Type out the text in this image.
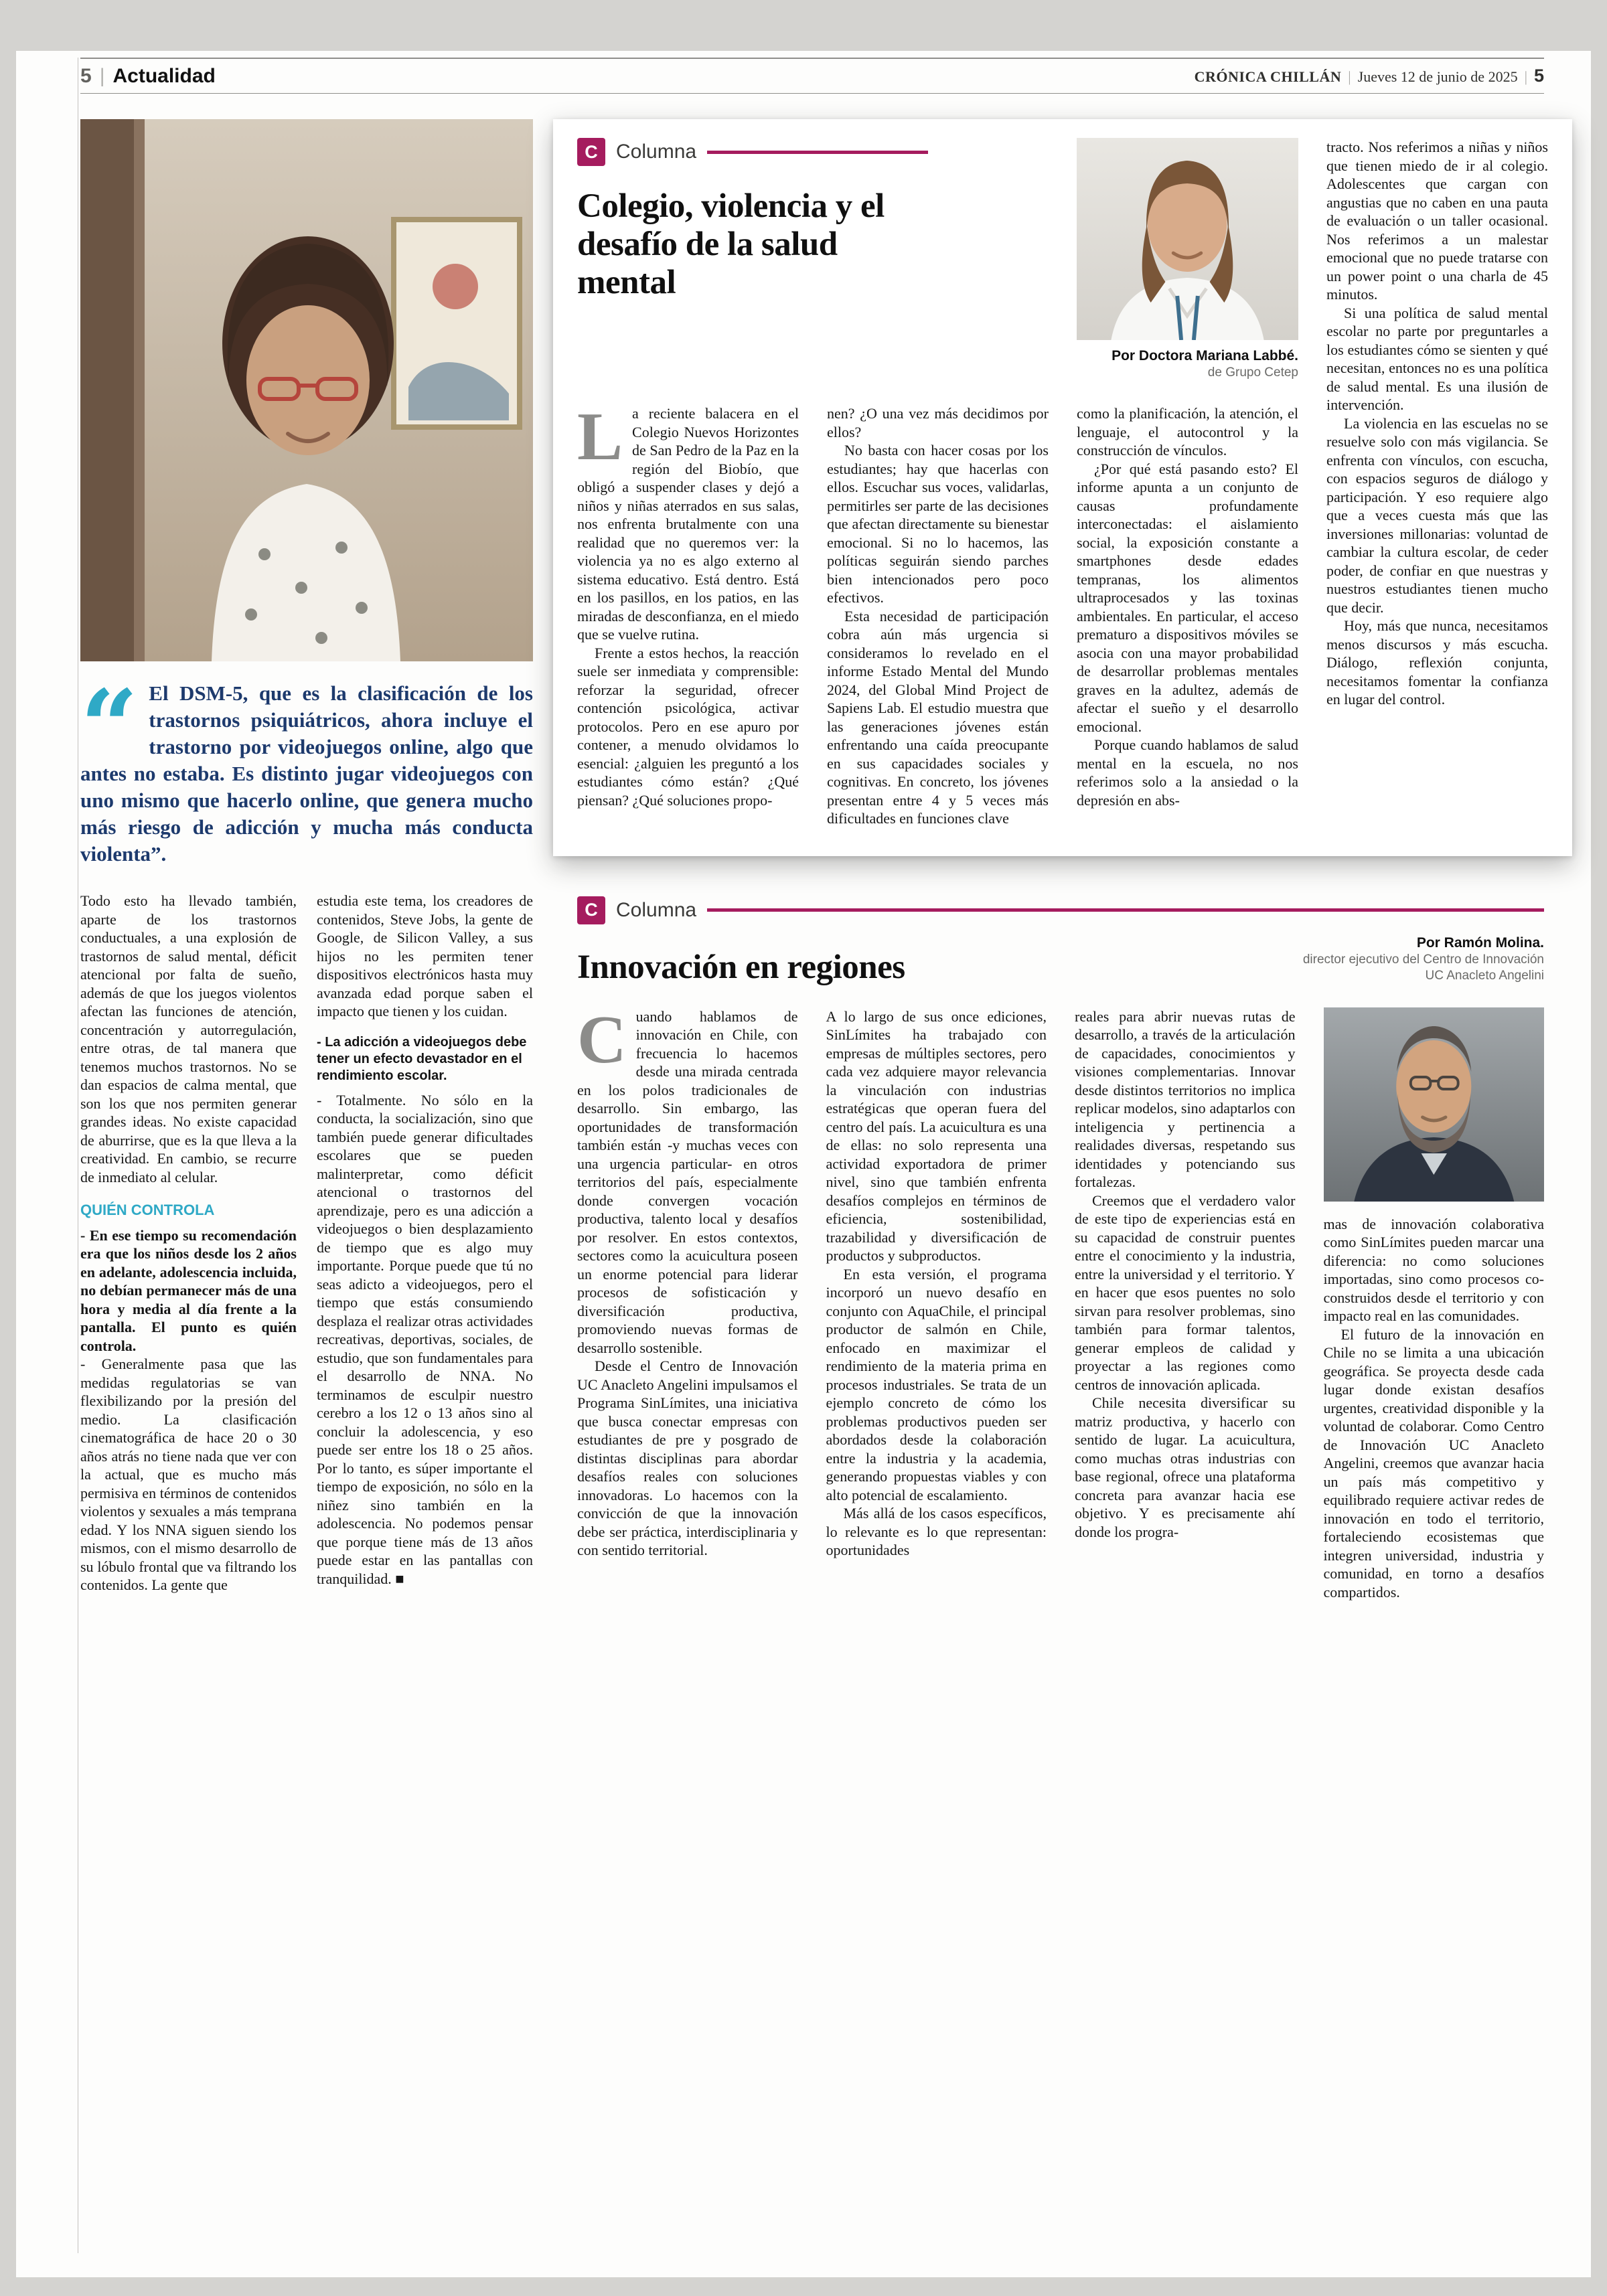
5 | Actualidad	CRÓNICA CHILLÁN | Jueves 12 de junio de 2025 | 5
“ El DSM-5, que es la clasificación de los trastornos psiquiátricos, ahora incluye el trastorno por videojuegos online, algo que antes no estaba. Es distinto jugar videojuegos con uno mismo que hacerlo online, que genera mucho más riesgo de adicción y mucha más conducta violenta”.

Todo esto ha llevado también, aparte de los trastornos conductuales, a una explosión de trastornos de salud mental, déficit atencional por falta de sueño, además de que los juegos violentos afectan las funciones de atención, concentración y autorregulación, entre otras, de tal manera que tenemos muchos trastornos. No se dan espacios de calma mental, que son los que nos permiten generar grandes ideas. No existe capacidad de aburrirse, que es la que lleva a la creatividad. En cambio, se recurre de inmediato al celular.

QUIÉN CONTROLA

- En ese tiempo su recomendación era que los niños desde los 2 años en adelante, adolescencia incluida, no debían permanecer más de una hora y media al día frente a la pantalla. El punto es quién controla.

- Generalmente pasa que las medidas regulatorias se van flexibilizando por la presión del medio. La clasificación cinematográfica de hace 20 o 30 años atrás no tiene nada que ver con la actual, que es mucho más permisiva en términos de contenidos violentos y sexuales a más temprana edad. Y los NNA siguen siendo los mismos, con el mismo desarrollo de su lóbulo frontal que va filtrando los contenidos. La gente que

estudia este tema, los creadores de contenidos, Steve Jobs, la gente de Google, de Silicon Valley, a sus hijos no les permiten tener dispositivos electrónicos hasta muy avanzada edad porque saben el impacto que tienen y los cuidan.

- La adicción a videojuegos debe tener un efecto devastador en el rendimiento escolar.

- Totalmente. No sólo en la conducta, la socialización, sino que también puede generar dificultades escolares que se pueden malinterpretar, como déficit atencional o trastornos del aprendizaje, pero es una adicción a videojuegos o bien desplazamiento de tiempo que es algo muy importante. Porque puede que tú no seas adicto a videojuegos, pero el tiempo que estás consumiendo desplaza el realizar otras actividades recreativas, deportivas, sociales, de estudio, que son fundamentales para el desarrollo de NNA. No terminamos de esculpir nuestro cerebro a los 12 o 13 años sino al concluir la adolescencia, y eso puede ser entre los 18 o 25 años. Por lo tanto, es súper importante el tiempo de exposición, no sólo en la niñez sino también en la adolescencia. No podemos pensar que porque tiene más de 13 años puede estar en las pantallas con tranquilidad. ■

C Columna
Colegio, violencia y el desafío de la salud mental
Por Doctora Mariana Labbé.
de Grupo Cetep

tracto. Nos referimos a niñas y niños que tienen miedo de ir al colegio. Adolescentes que cargan con angustias que no caben en una pauta de evaluación o un taller ocasional. Nos referimos a un malestar emocional que no puede tratarse con un power point o una charla de 45 minutos.

Si una política de salud mental escolar no parte por preguntarles a los estudiantes cómo se sienten y qué necesitan, entonces no es una política de salud mental. Es una ilusión de intervención.

La violencia en las escuelas no se resuelve solo con más vigilancia. Se enfrenta con vínculos, con escucha, con espacios seguros de diálogo y participación. Y eso requiere algo que a veces cuesta más que las inversiones millonarias: voluntad de cambiar la cultura escolar, de ceder poder, de confiar en que nuestras y nuestros estudiantes tienen mucho que decir.

Hoy, más que nunca, necesitamos menos discursos y más escucha. Diálogo, reflexión conjunta, necesitamos fomentar la confianza en lugar del control.

La reciente balacera en el Colegio Nuevos Horizontes de San Pedro de la Paz en la región del Biobío, que obligó a suspender clases y dejó a niños y niñas aterrados en sus salas, nos enfrenta brutalmente con una realidad que no queremos ver: la violencia ya no es algo externo al sistema educativo. Está dentro. Está en los pasillos, en los patios, en las miradas de desconfianza, en el miedo que se vuelve rutina.

Frente a estos hechos, la reacción suele ser inmediata y comprensible: reforzar la seguridad, ofrecer contención psicológica, activar protocolos. Pero en ese apuro por contener, a menudo olvidamos lo esencial: ¿alguien les preguntó a los estudiantes cómo están? ¿Qué piensan? ¿Qué soluciones propo-

nen? ¿O una vez más decidimos por ellos?

No basta con hacer cosas por los estudiantes; hay que hacerlas con ellos. Escuchar sus voces, validarlas, permitirles ser parte de las decisiones que afectan directamente su bienestar emocional. Si no lo hacemos, las políticas seguirán siendo parches bien intencionados pero poco efectivos.

Esta necesidad de participación cobra aún más urgencia si consideramos lo revelado en el informe Estado Mental del Mundo 2024, del Global Mind Project de Sapiens Lab. El estudio muestra que las generaciones jóvenes están enfrentando una caída preocupante en sus capacidades sociales y cognitivas. En concreto, los jóvenes presentan entre 4 y 5 veces más dificultades en funciones clave

como la planificación, la atención, el lenguaje, el autocontrol y la construcción de vínculos.

¿Por qué está pasando esto? El informe apunta a un conjunto de causas profundamente interconectadas: el aislamiento social, la exposición constante a smartphones desde edades tempranas, los alimentos ultraprocesados y las toxinas ambientales. En particular, el acceso prematuro a dispositivos móviles se asocia con una mayor probabilidad de desarrollar problemas mentales graves en la adultez, además de afectar el sueño y el desarrollo emocional.

Porque cuando hablamos de salud mental en la escuela, no nos referimos solo a la ansiedad o la depresión en abs-

C Columna
Innovación en regiones
Por Ramón Molina.
director ejecutivo del Centro de Innovación
UC Anacleto Angelini

Cuando hablamos de innovación en Chile, con frecuencia lo hacemos desde una mirada centrada en los polos tradicionales de desarrollo. Sin embargo, las oportunidades de transformación también están -y muchas veces con una urgencia particular- en otros territorios del país, especialmente donde convergen vocación productiva, talento local y desafíos por resolver. En estos contextos, sectores como la acuicultura poseen un enorme potencial para liderar procesos de sofisticación y diversificación productiva, promoviendo nuevas formas de desarrollo sostenible.

Desde el Centro de Innovación UC Anacleto Angelini impulsamos el Programa SinLímites, una iniciativa que busca conectar empresas con estudiantes de pre y posgrado de distintas disciplinas para abordar desafíos reales con soluciones innovadoras. Lo hacemos con la convicción de que la innovación debe ser práctica, interdisciplinaria y con sentido territorial.

A lo largo de sus once ediciones, SinLímites ha trabajado con empresas de múltiples sectores, pero cada vez adquiere mayor relevancia la vinculación con industrias estratégicas que operan fuera del centro del país. La acuicultura es una de ellas: no solo representa una actividad exportadora de primer nivel, sino que también enfrenta desafíos complejos en términos de eficiencia, sostenibilidad, trazabilidad y diversificación de productos y subproductos.

En esta versión, el programa incorporó un nuevo desafío en conjunto con AquaChile, el principal productor de salmón en Chile, enfocado en maximizar el rendimiento de la materia prima en procesos industriales. Se trata de un ejemplo concreto de cómo los problemas productivos pueden ser abordados desde la colaboración entre la industria y la academia, generando propuestas viables y con alto potencial de escalamiento.

Más allá de los casos específicos, lo relevante es lo que representan: oportunidades

reales para abrir nuevas rutas de desarrollo, a través de la articulación de capacidades, conocimientos y visiones complementarias. Innovar desde distintos territorios no implica replicar modelos, sino adaptarlos con inteligencia y pertinencia a realidades diversas, respetando sus identidades y potenciando sus fortalezas.

Creemos que el verdadero valor de este tipo de experiencias está en su capacidad de construir puentes entre el conocimiento y la industria, entre la universidad y el territorio. Y en hacer que esos puentes no solo sirvan para resolver problemas, sino también para formar talentos, generar empleos de calidad y proyectar a las regiones como centros de innovación aplicada.

Chile necesita diversificar su matriz productiva, y hacerlo con sentido de lugar. La acuicultura, como muchas otras industrias con base regional, ofrece una plataforma concreta para avanzar hacia ese objetivo. Y es precisamente ahí donde los progra-

mas de innovación colaborativa como SinLímites pueden marcar una diferencia: no como soluciones importadas, sino como procesos co-construidos desde el territorio y con impacto real en las comunidades.

El futuro de la innovación en Chile no se limita a una ubicación geográfica. Se proyecta desde cada lugar donde existan desafíos urgentes, creatividad disponible y la voluntad de colaborar. Como Centro de Innovación UC Anacleto Angelini, creemos que avanzar hacia un país más competitivo y equilibrado requiere activar redes de innovación en todo el territorio, fortaleciendo ecosistemas que integren universidad, industria y comunidad, en torno a desafíos compartidos.
